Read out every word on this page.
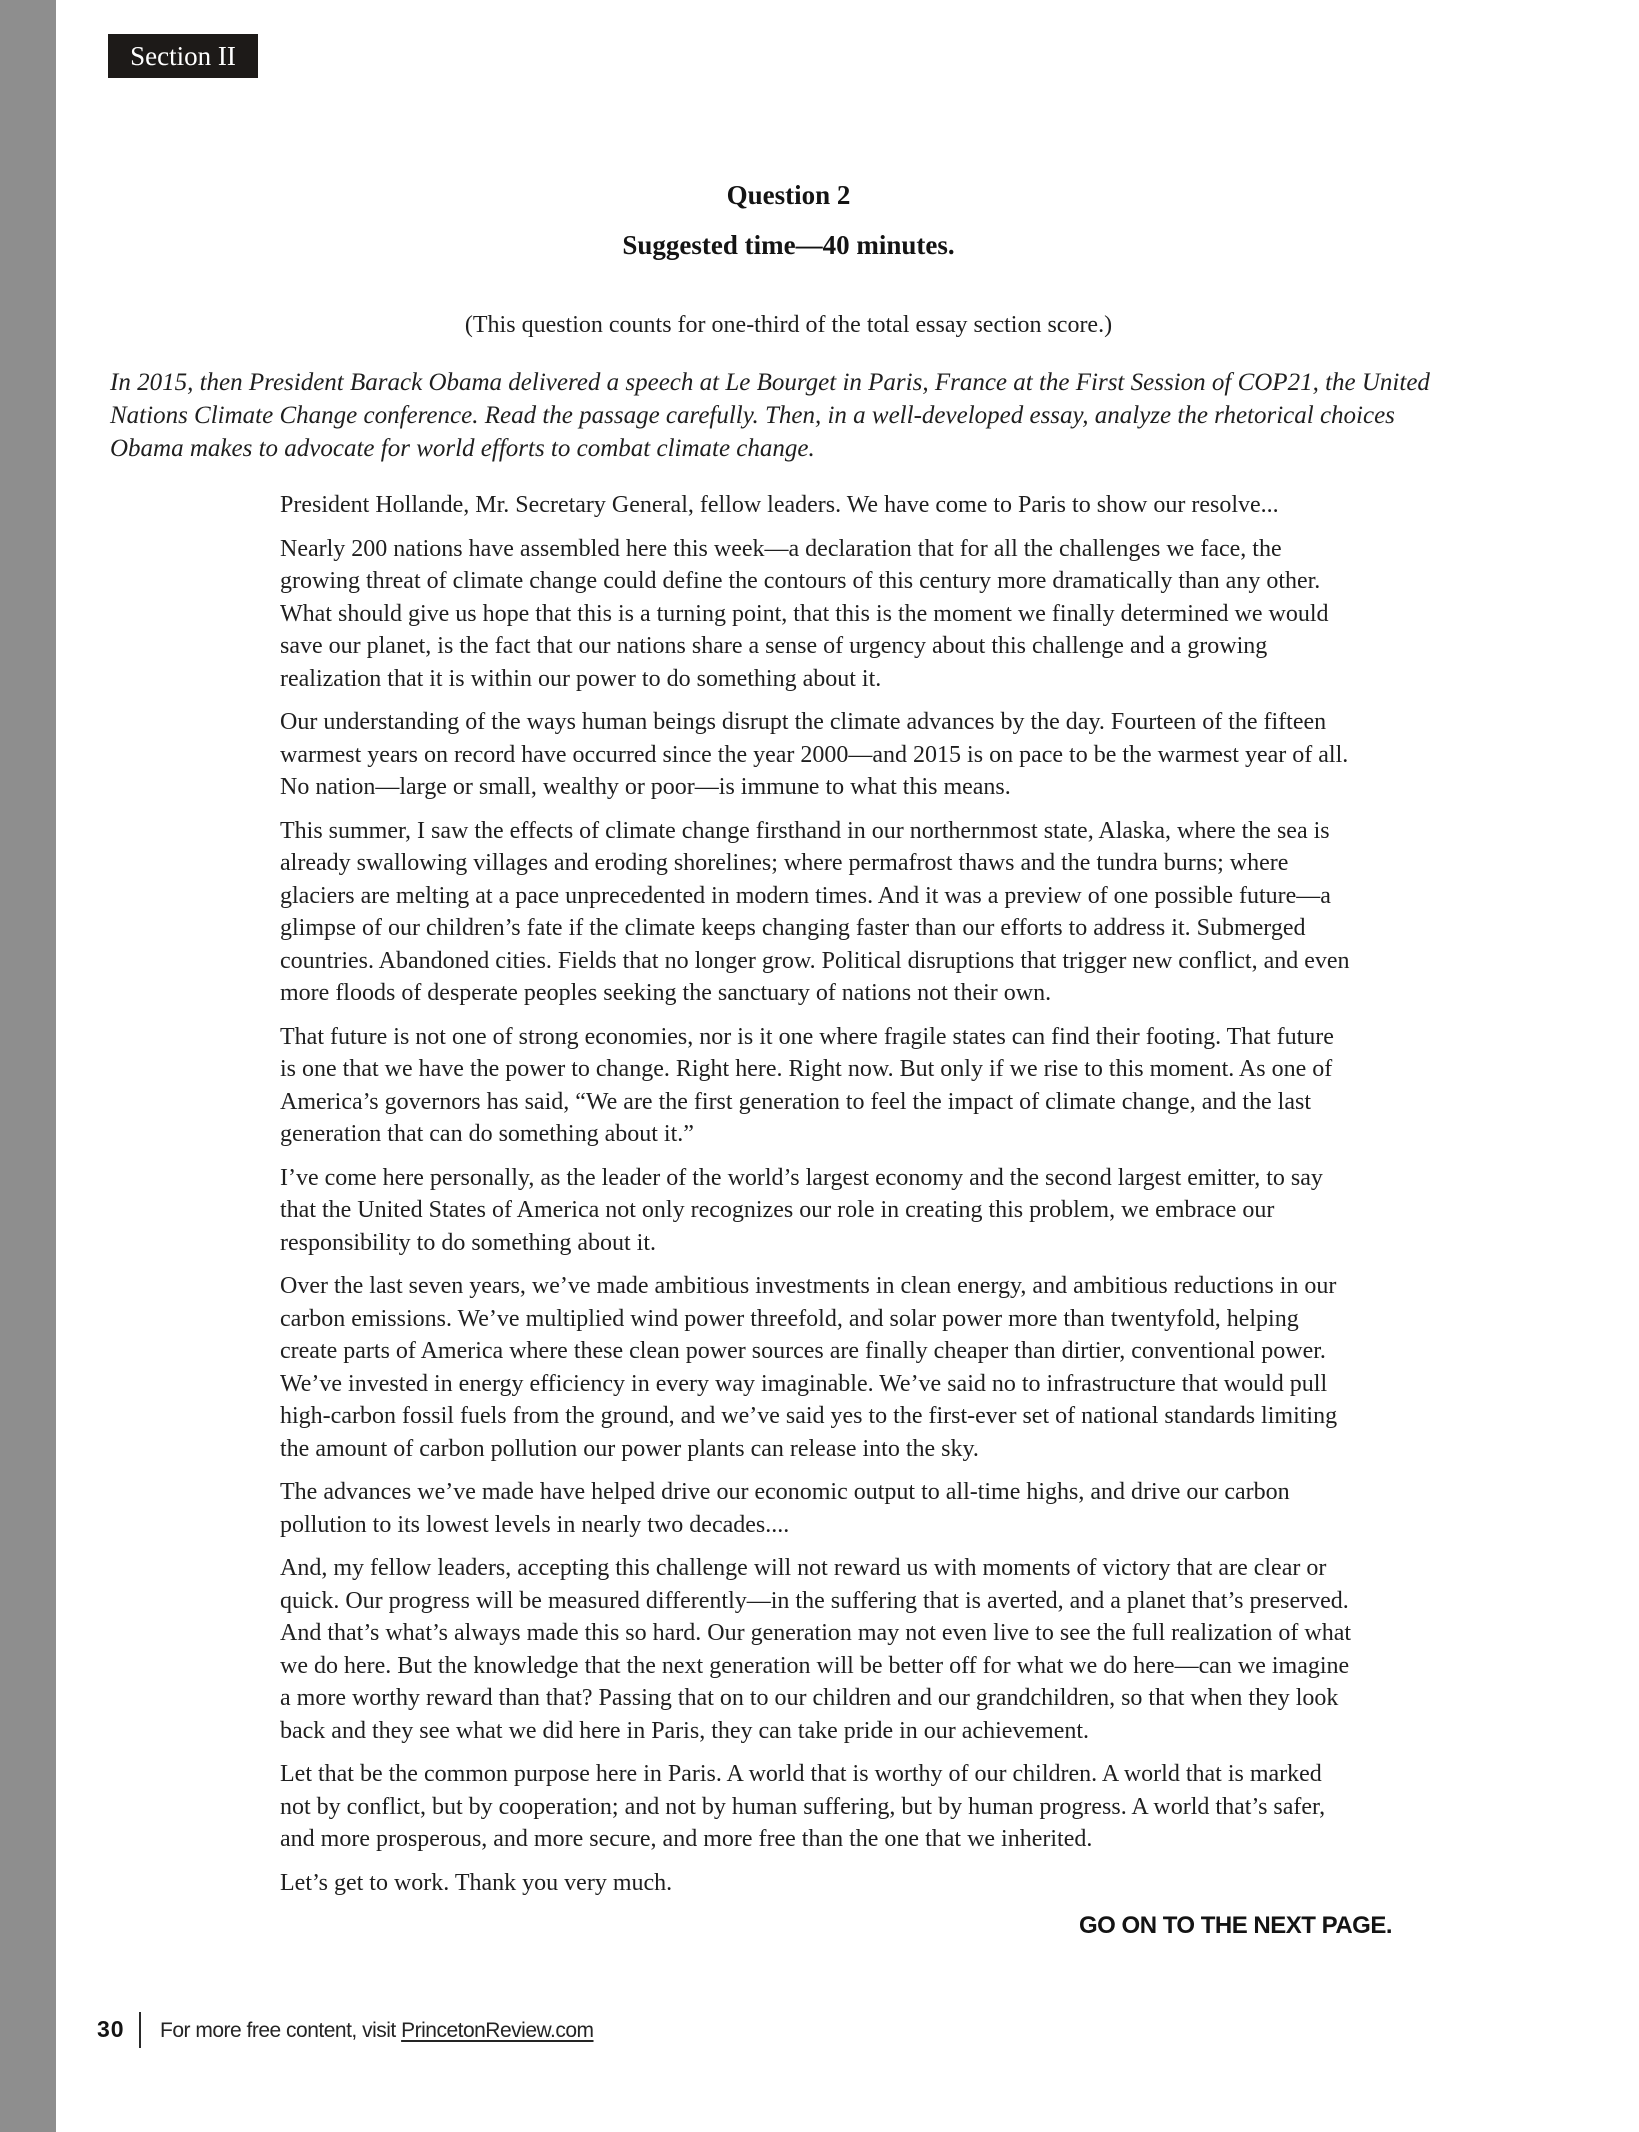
Section II
Question 2
Suggested time—40 minutes.
(This question counts for one-third of the total essay section score.)
In 2015, then President Barack Obama delivered a speech at Le Bourget in Paris, France at the First Session of COP21, the United Nations Climate Change conference. Read the passage carefully. Then, in a well-developed essay, analyze the rhetorical choices Obama makes to advocate for world efforts to combat climate change.

President Hollande, Mr. Secretary General, fellow leaders. We have come to Paris to show our resolve...

Nearly 200 nations have assembled here this week—a declaration that for all the challenges we face, the growing threat of climate change could define the contours of this century more dramatically than any other. What should give us hope that this is a turning point, that this is the moment we finally determined we would save our planet, is the fact that our nations share a sense of urgency about this challenge and a growing realization that it is within our power to do something about it.

Our understanding of the ways human beings disrupt the climate advances by the day. Fourteen of the fifteen warmest years on record have occurred since the year 2000—and 2015 is on pace to be the warmest year of all. No nation—large or small, wealthy or poor—is immune to what this means.

This summer, I saw the effects of climate change firsthand in our northernmost state, Alaska, where the sea is already swallowing villages and eroding shorelines; where permafrost thaws and the tundra burns; where glaciers are melting at a pace unprecedented in modern times. And it was a preview of one possible future—a glimpse of our children’s fate if the climate keeps changing faster than our efforts to address it. Submerged countries. Abandoned cities. Fields that no longer grow. Political disruptions that trigger new conflict, and even more floods of desperate peoples seeking the sanctuary of nations not their own.

That future is not one of strong economies, nor is it one where fragile states can find their footing. That future is one that we have the power to change. Right here. Right now. But only if we rise to this moment. As one of America’s governors has said, “We are the first generation to feel the impact of climate change, and the last generation that can do something about it.”

I’ve come here personally, as the leader of the world’s largest economy and the second largest emitter, to say that the United States of America not only recognizes our role in creating this problem, we embrace our responsibility to do something about it.

Over the last seven years, we’ve made ambitious investments in clean energy, and ambitious reductions in our carbon emissions. We’ve multiplied wind power threefold, and solar power more than twentyfold, helping create parts of America where these clean power sources are finally cheaper than dirtier, conventional power. We’ve invested in energy efficiency in every way imaginable. We’ve said no to infrastructure that would pull high-carbon fossil fuels from the ground, and we’ve said yes to the first-ever set of national standards limiting the amount of carbon pollution our power plants can release into the sky.

The advances we’ve made have helped drive our economic output to all-time highs, and drive our carbon pollution to its lowest levels in nearly two decades....

And, my fellow leaders, accepting this challenge will not reward us with moments of victory that are clear or quick. Our progress will be measured differently—in the suffering that is averted, and a planet that’s preserved. And that’s what’s always made this so hard. Our generation may not even live to see the full realization of what we do here. But the knowledge that the next generation will be better off for what we do here—can we imagine a more worthy reward than that? Passing that on to our children and our grandchildren, so that when they look back and they see what we did here in Paris, they can take pride in our achievement.

Let that be the common purpose here in Paris. A world that is worthy of our children. A world that is marked not by conflict, but by cooperation; and not by human suffering, but by human progress. A world that’s safer, and more prosperous, and more secure, and more free than the one that we inherited.

Let’s get to work. Thank you very much.

GO ON TO THE NEXT PAGE.
30 For more free content, visit PrincetonReview.com
